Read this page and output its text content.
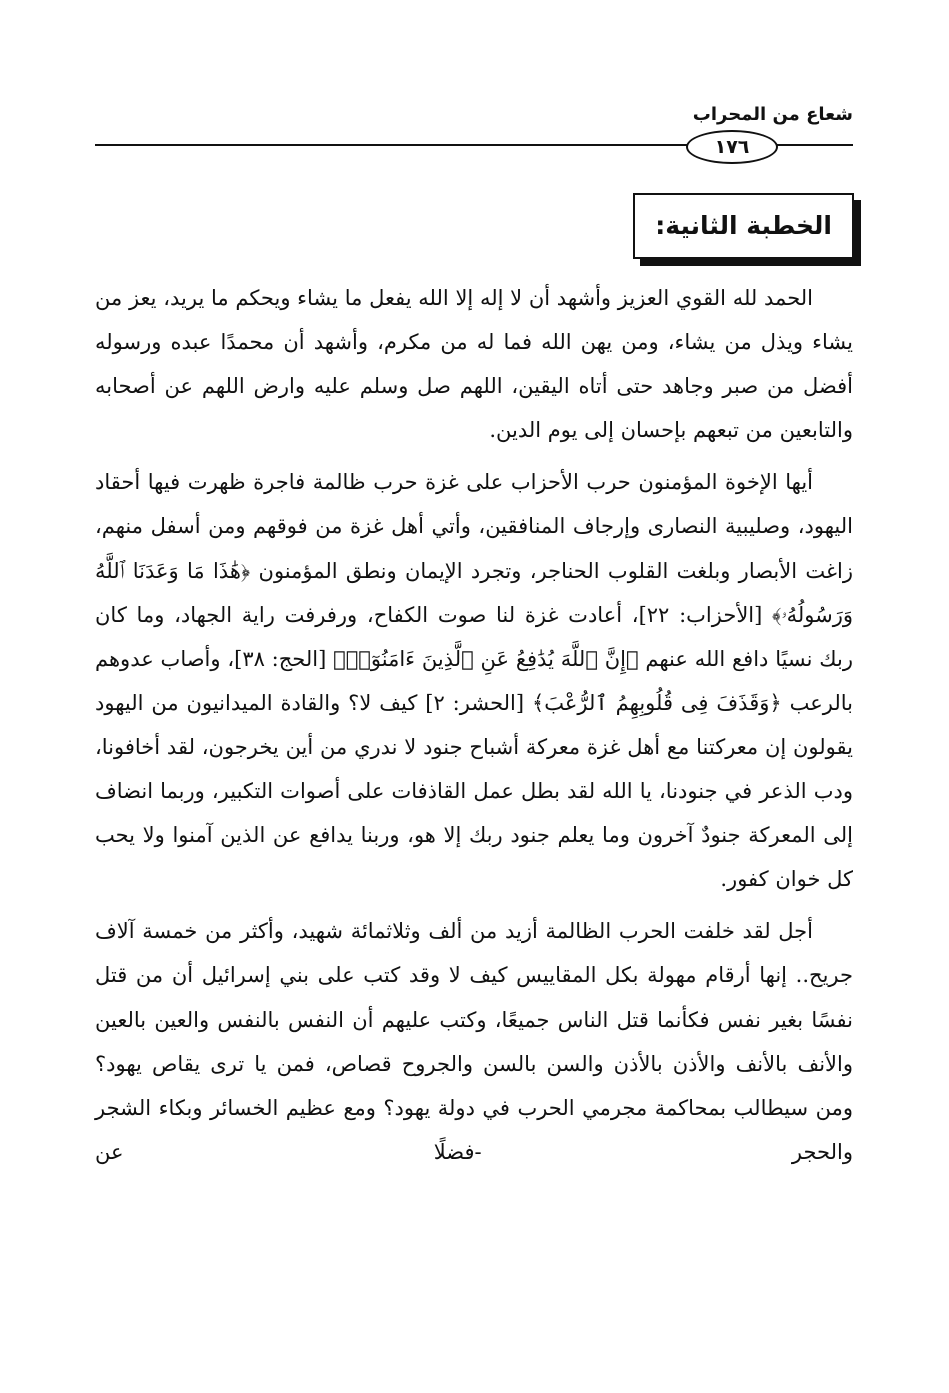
شعاع من المحراب
١٧٦
الخطبة الثانية:

الحمد لله القوي العزيز وأشهد أن لا إله إلا الله يفعل ما يشاء ويحكم ما يريد، يعز من يشاء ويذل من يشاء، ومن يهن الله فما له من مكرم، وأشهد أن محمدًا عبده ورسوله أفضل من صبر وجاهد حتى أتاه اليقين، اللهم صل وسلم عليه وارض اللهم عن أصحابه والتابعين من تبعهم بإحسان إلى يوم الدين.

أيها الإخوة المؤمنون حرب الأحزاب على غزة حرب ظالمة فاجرة ظهرت فيها أحقاد اليهود، وصليبية النصارى وإرجاف المنافقين، وأتي أهل غزة من فوقهم ومن أسفل منهم، زاغت الأبصار وبلغت القلوب الحناجر، وتجرد الإيمان ونطق المؤمنون ﴿هَٰذَا مَا وَعَدَنَا ٱللَّهُ وَرَسُولُهُۥ﴾ [الأحزاب: ٢٢]، أعادت غزة لنا صوت الكفاح، ورفرفت راية الجهاد، وما كان ربك نسيًا دافع الله عنهم ﴿إِنَّ ٱللَّهَ يُدَٰفِعُ عَنِ ٱلَّذِينَ ءَامَنُوٓا۟﴾ [الحج: ٣٨]، وأصاب عدوهم بالرعب ﴿وَقَذَفَ فِى قُلُوبِهِمُ ٱلرُّعْبَ﴾ [الحشر: ٢] كيف لا؟ والقادة الميدانيون من اليهود يقولون إن معركتنا مع أهل غزة معركة أشباح جنود لا ندري من أين يخرجون، لقد أخافونا، ودب الذعر في جنودنا، يا الله لقد بطل عمل القاذفات على أصوات التكبير، وربما انضاف إلى المعركة جنودٌ آخرون وما يعلم جنود ربك إلا هو، وربنا يدافع عن الذين آمنوا ولا يحب كل خوان كفور.

أجل لقد خلفت الحرب الظالمة أزيد من ألف وثلاثمائة شهيد، وأكثر من خمسة آلاف جريح.. إنها أرقام مهولة بكل المقاييس كيف لا وقد كتب على بني إسرائيل أن من قتل نفسًا بغير نفس فكأنما قتل الناس جميعًا، وكتب عليهم أن النفس بالنفس والعين بالعين والأنف بالأنف والأذن بالأذن والسن بالسن والجروح قصاص، فمن يا ترى يقاص يهود؟ ومن سيطالب بمحاكمة مجرمي الحرب في دولة يهود؟ ومع عظيم الخسائر وبكاء الشجر والحجر -فضلًا عن
